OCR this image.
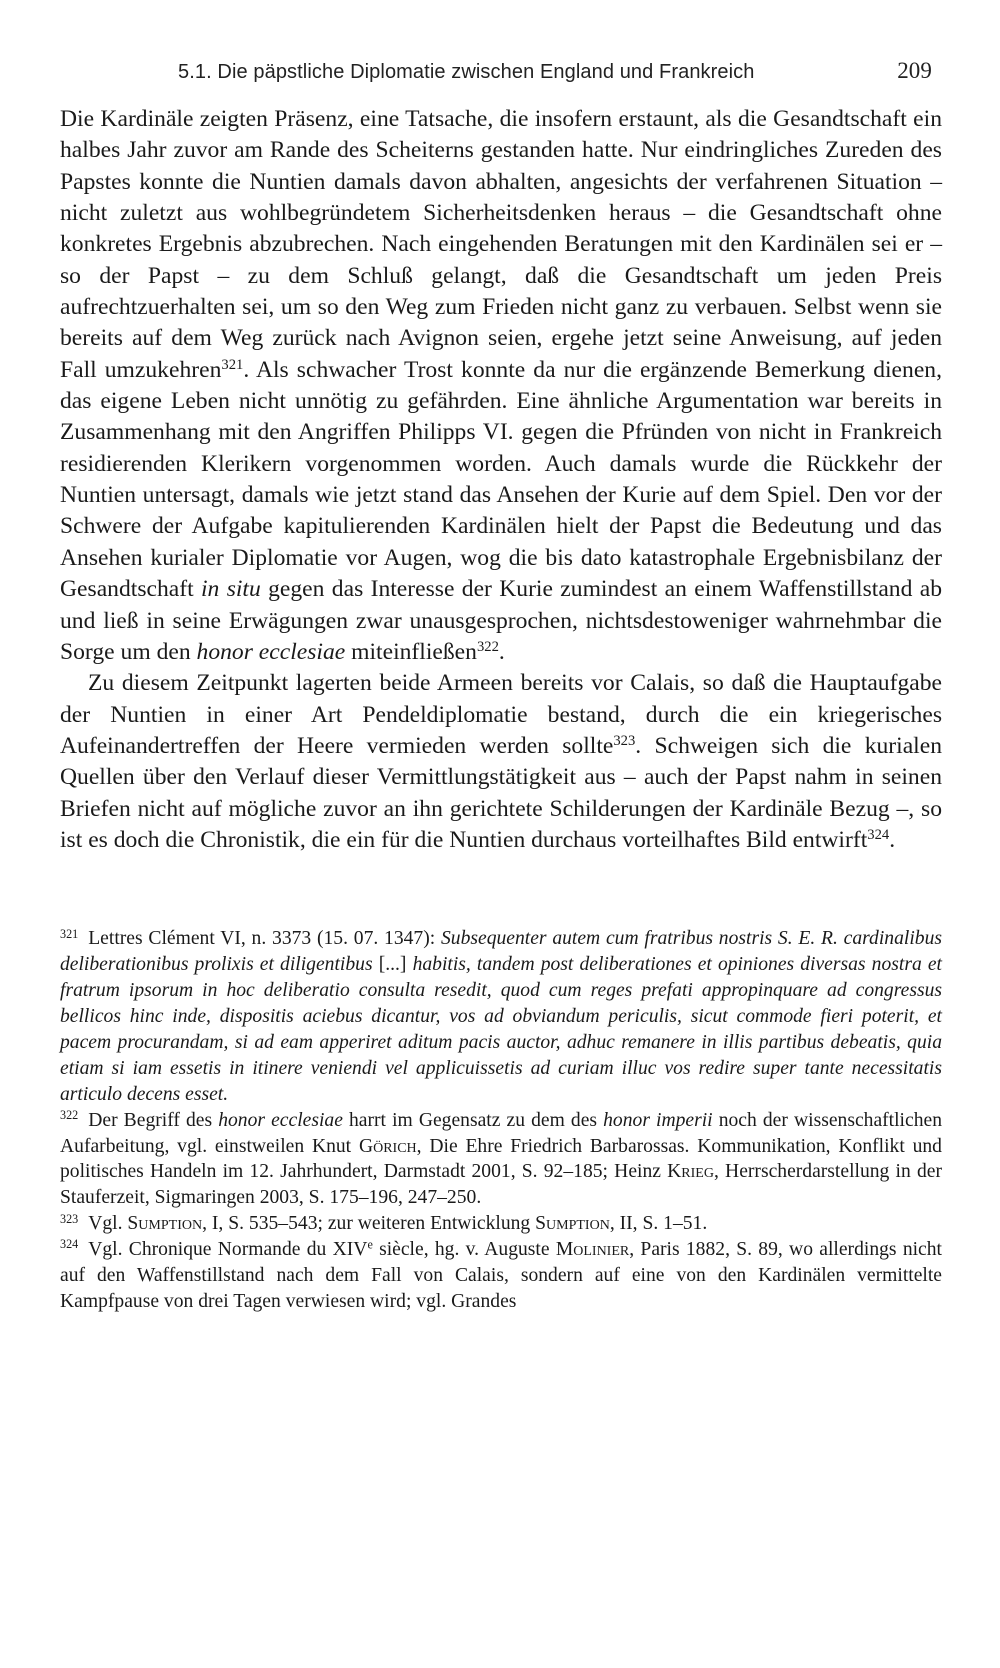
5.1. Die päpstliche Diplomatie zwischen England und Frankreich	209

Die Kardinäle zeigten Präsenz, eine Tatsache, die insofern erstaunt, als die Gesandtschaft ein halbes Jahr zuvor am Rande des Scheiterns gestanden hatte. Nur eindringliches Zureden des Papstes konnte die Nuntien damals davon abhalten, angesichts der verfahrenen Situation – nicht zuletzt aus wohlbegründetem Sicherheitsdenken heraus – die Gesandtschaft ohne konkretes Ergebnis abzubrechen. Nach eingehenden Beratungen mit den Kardinälen sei er – so der Papst – zu dem Schluß gelangt, daß die Gesandtschaft um jeden Preis aufrechtzuerhalten sei, um so den Weg zum Frieden nicht ganz zu verbauen. Selbst wenn sie bereits auf dem Weg zurück nach Avignon seien, ergehe jetzt seine Anweisung, auf jeden Fall umzukehren$^{321}$. Als schwacher Trost konnte da nur die ergänzende Bemerkung dienen, das eigene Leben nicht unnötig zu gefährden. Eine ähnliche Argumentation war bereits in Zusammenhang mit den Angriffen Philipps VI. gegen die Pfründen von nicht in Frankreich residierenden Klerikern vorgenommen worden. Auch damals wurde die Rückkehr der Nuntien untersagt, damals wie jetzt stand das Ansehen der Kurie auf dem Spiel. Den vor der Schwere der Aufgabe kapitulierenden Kardinälen hielt der Papst die Bedeutung und das Ansehen kurialer Diplomatie vor Augen, wog die bis dato katastrophale Ergebnisbilanz der Gesandtschaft in situ gegen das Interesse der Kurie zumindest an einem Waffenstillstand ab und ließ in seine Erwägungen zwar unausgesprochen, nichtsdestoweniger wahrnehmbar die Sorge um den honor ecclesiae miteinfließen$^{322}$.

Zu diesem Zeitpunkt lagerten beide Armeen bereits vor Calais, so daß die Hauptaufgabe der Nuntien in einer Art Pendeldiplomatie bestand, durch die ein kriegerisches Aufeinandertreffen der Heere vermieden werden sollte$^{323}$. Schweigen sich die kurialen Quellen über den Verlauf dieser Vermittlungstätigkeit aus – auch der Papst nahm in seinen Briefen nicht auf mögliche zuvor an ihn gerichtete Schilderungen der Kardinäle Bezug –, so ist es doch die Chronistik, die ein für die Nuntien durchaus vorteilhaftes Bild entwirft$^{324}$.

$^{321}$ Lettres Clément VI, n. 3373 (15. 07. 1347): Subsequenter autem cum fratribus nostris S. E. R. cardinalibus deliberationibus prolixis et diligentibus [...] habitis, tandem post deliberationes et opiniones diversas nostra et fratrum ipsorum in hoc deliberatio consulta resedit, quod cum reges prefati appropinquare ad congressus bellicos hinc inde, dispositis aciebus dicantur, vos ad obviandum periculis, sicut commode fieri poterit, et pacem procurandam, si ad eam apperiret aditum pacis auctor, adhuc remanere in illis partibus debeatis, quia etiam si iam essetis in itinere veniendi vel applicuissetis ad curiam illuc vos redire super tante necessitatis articulo decens esset.

$^{322}$ Der Begriff des honor ecclesiae harrt im Gegensatz zu dem des honor imperii noch der wissenschaftlichen Aufarbeitung, vgl. einstweilen Knut Görich, Die Ehre Friedrich Barbarossas. Kommunikation, Konflikt und politisches Handeln im 12. Jahrhundert, Darmstadt 2001, S. 92–185; Heinz Krieg, Herrscherdarstellung in der Stauferzeit, Sigmaringen 2003, S. 175–196, 247–250.

$^{323}$ Vgl. Sumption, I, S. 535–543; zur weiteren Entwicklung Sumption, II, S. 1–51.

$^{324}$ Vgl. Chronique Normande du XIVe siècle, hg. v. Auguste Molinier, Paris 1882, S. 89, wo allerdings nicht auf den Waffenstillstand nach dem Fall von Calais, sondern auf eine von den Kardinälen vermittelte Kampfpause von drei Tagen verwiesen wird; vgl. Grandes
